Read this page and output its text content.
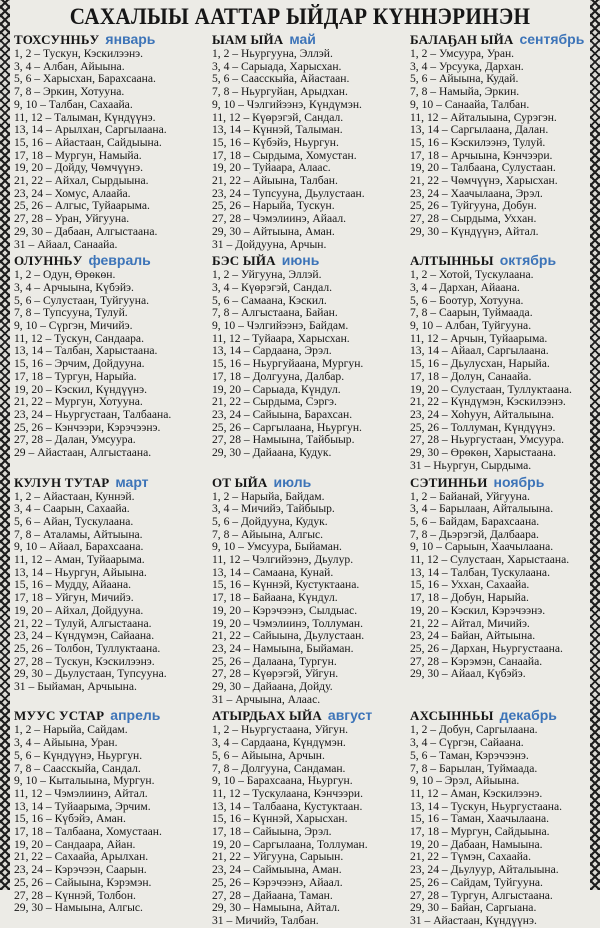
САХАЛЫЫ ААТТАР ЫЙДАР КҮННЭРИНЭН
ТОХСУННЬУ январь
1, 2 – Тускун, Кэскилээнэ.
3, 4 – Албан, Айыына.
5, 6 – Харысхан, Барахсаана.
7, 8 – Эркин, Хотууна.
9, 10 – Талбан, Сахаайа.
11, 12 – Талыман, Күндүүнэ.
13, 14 – Арылхан, Саргылаана.
15, 16 – Айастаан, Сайдыына.
17, 18 – Мургун, Намыйа.
19, 20 – Дойду, Чөмчүүнэ.
21, 22 – Айхал, Сырдыына.
23, 24 – Хомус, Алаайа.
25, 26 – Алгыс, Туйаарыма.
27, 28 – Уран, Уйгууна.
29, 30 – Дабаан, Алгыстаана.
31 – Айаал, Санаайа.
ЫАМ ЫЙА май
1, 2 – Ньургууна, Эллэй.
3, 4 – Сарыада, Харысхан.
5, 6 – Саасскыйа, Айастаан.
7, 8 – Ньургуйан, Арыдхан.
9, 10 – Чэлгийээнэ, Күндүмэн.
11, 12 – Күөрэгэй, Сандал.
13, 14 – Күннэй, Талыман.
15, 16 – Күбэйэ, Ньургун.
17, 18 – Сырдыма, Хомустан.
19, 20 – Туйаара, Алаас.
21, 22 – Айыына, Талбан.
23, 24 – Тупсууна, Дьулустаан.
25, 26 – Нарыйа, Тускун.
27, 28 – Чэмэлиинэ, Айаал.
29, 30 – Айтыына, Аман.
31 – Дойдууна, Арчын.
БАЛАҔАН ЫЙА сентябрь
1, 2 – Умсуура, Уран.
3, 4 – Урсуука, Дархан.
5, 6 – Айыына, Кудай.
7, 8 – Намыйа, Эркин.
9, 10 – Санаайа, Талбан.
11, 12 – Айталыына, Сурэгэн.
13, 14 – Саргылаана, Далан.
15, 16 – Кэскилээнэ, Тулуй.
17, 18 – Арчыына, Кэнчээри.
19, 20 – Талбаана, Сулустаан.
21, 22 – Чөмчүүнэ, Харысхан.
23, 24 – Хаачылаана, Эрэл.
25, 26 – Туйгууна, Добун.
27, 28 – Сырдыма, Уххан.
29, 30 – Күндүүнэ, Айтал.
ОЛУННЬУ февраль
1, 2 – Одун, Өрөкөн.
3, 4 – Арчыына, Күбэйэ.
5, 6 – Сулустаан, Туйгууна.
7, 8 – Тупсууна, Тулуй.
9, 10 – Сүргэн, Мичийэ.
11, 12 – Тускун, Сандаара.
13, 14 – Талбан, Харыстаана.
15, 16 – Эрчим, Дойдууна.
17, 18 – Тургун, Нарыйа.
19, 20 – Кэскил, Күндүүнэ.
21, 22 – Мургун, Хотууна.
23, 24 – Ньургустаан, Талбаана.
25, 26 – Кэнчээри, Кэрэчээнэ.
27, 28 – Далан, Умсуура.
29 – Айастаан, Алгыстаана.
БЭС ЫЙА июнь
1, 2 – Уйгууна, Эллэй.
3, 4 – Күөрэгэй, Сандал.
5, 6 – Самаана, Кэскил.
7, 8 – Алгыстаана, Байан.
9, 10 – Чэлгийээнэ, Байдам.
11, 12 – Туйаара, Харысхан.
13, 14 – Сардаана, Эрэл.
15, 16 – Ньургуйаана, Мургун.
17, 18 – Долгууна, Далбар.
19, 20 – Сарыада, Күндул.
21, 22 – Сырдыма, Сэргэ.
23, 24 – Сайыына, Барахсан.
25, 26 – Саргылаана, Ньургун.
27, 28 – Намыына, Тайбыыр.
29, 30 – Дайаана, Кудук.
АЛТЫННЬЫ октябрь
1, 2 – Хотой, Тускулаана.
3, 4 – Дархан, Айаана.
5, 6 – Боотур, Хотууна.
7, 8 – Саарын, Туймаада.
9, 10 – Албан, Туйгууна.
11, 12 – Арчын, Туйаарыма.
13, 14 – Айаал, Саргылаана.
15, 16 – Дьулусхан, Нарыйа.
17, 18 – Долун, Санаайа.
19, 20 – Сулустаан, Туллуктаана.
21, 22 – Күндүмэн, Кэскилээнэ.
23, 24 – Хоһуун, Айталыына.
25, 26 – Толлуман, Күндүүнэ.
27, 28 – Ньургустаан, Умсуура.
29, 30 – Өрөкөн, Харыстаана.
31 – Ньургун, Сырдыма.
КУЛУН ТУТАР март
1, 2 – Айастаан, Куннэй.
3, 4 – Саарын, Сахаайа.
5, 6 – Айан, Тускулаана.
7, 8 – Аталамы, Айтыына.
9, 10 – Айаал, Барахсаана.
11, 12 – Аман, Туйаарыма.
13, 14 – Ньургун, Айыына.
15, 16 – Мудду, Айаана.
17, 18 – Уйгун, Мичийэ.
19, 20 – Айхал, Дойдууна.
21, 22 – Тулуй, Алгыстаана.
23, 24 – Күндүмэн, Сайаана.
25, 26 – Толбон, Туллуктаана.
27, 28 – Тускун, Кэскилээнэ.
29, 30 – Дьулустаан, Тупсууна.
31 – Быйаман, Арчыына.
ОТ ЫЙА июль
1, 2 – Нарыйа, Байдам.
3, 4 – Мичийэ, Тайбыыр.
5, 6 – Дойдууна, Кудук.
7, 8 – Айыына, Алгыс.
9, 10 – Умсуура, Быйаман.
11, 12 – Чэлгийээнэ, Дьулур.
13, 14 – Самаана, Кунай.
15, 16 – Күннэй, Кустуктаана.
17, 18 – Байаана, Күндул.
19, 20 – Кэрэчээнэ, Сылдыас.
19, 20 – Чэмэлиинэ, Толлуман.
21, 22 – Сайыына, Дьулустаан.
23, 24 – Намыына, Быйаман.
25, 26 – Далаана, Тургун.
27, 28 – Күөрэгэй, Уйгун.
29, 30 – Дайаана, Дойду.
31 – Арчыына, Алаас.
СЭТИННЬИ ноябрь
1, 2 – Байанай, Уйгууна.
3, 4 – Барылаан, Айталыына.
5, 6 – Байдам, Барахсаана.
7, 8 – Дьэрэгэй, Далбаара.
9, 10 – Сарыын, Хаачылаана.
11, 12 – Сулустаан, Харыстаана.
13, 14 – Талбан, Тускулаана.
15, 16 – Уххан, Сахаайа.
17, 18 – Добун, Нарыйа.
19, 20 – Кэскил, Кэрэчээнэ.
21, 22 – Айтал, Мичийэ.
23, 24 – Байан, Айтыына.
25, 26 – Дархан, Ньургустаана.
27, 28 – Кэрэмэн, Санаайа.
29, 30 – Айаал, Күбэйэ.
МУУС УСТАР апрель
1, 2 – Нарыйа, Сайдам.
3, 4 – Айыына, Уран.
5, 6 – Күндүүнэ, Ньургун.
7, 8 – Саасскыйа, Сандал.
9, 10 – Кыталыына, Мургун.
11, 12 – Чэмэлиинэ, Айтал.
13, 14 – Туйаарыма, Эрчим.
15, 16 – Күбэйэ, Аман.
17, 18 – Талбаана, Хомустаан.
19, 20 – Сандаара, Айан.
21, 22 – Сахаайа, Арылхан.
23, 24 – Кэрэчээн, Саарын.
25, 26 – Сайыына, Кэрэмэн.
27, 28 – Күннэй, Толбон.
29, 30 – Намыына, Алгыс.
АТЫРДЬАХ ЫЙА август
1, 2 – Ньургустаана, Уйгун.
3, 4 – Сардаана, Күндүмэн.
5, 6 – Айыына, Арчын.
7, 8 – Долгууна, Сандаман.
9, 10 – Барахсаана, Ньургун.
11, 12 – Тускулаана, Кэнчээри.
13, 14 – Талбаана, Кустуктаан.
15, 16 – Күннэй, Харысхан.
17, 18 – Сайыына, Эрэл.
19, 20 – Саргылаана, Толлуман.
21, 22 – Уйгууна, Сарыын.
23, 24 – Саймыына, Аман.
25, 26 – Кэрэчээнэ, Айаал.
27, 28 – Дайаана, Таман.
29, 30 – Намыына, Айтал.
31 – Мичийэ, Талбан.
АХСЫННЬЫ декабрь
1, 2 – Добун, Саргылаана.
3, 4 – Сүргэн, Сайаана.
5, 6 – Таман, Кэрэчээнэ.
7, 8 – Барылан, Туймаада.
9, 10 – Эрэл, Айыына.
11, 12 – Аман, Кэскилээнэ.
13, 14 – Тускун, Ньургустаана.
15, 16 – Таман, Хаачылаана.
17, 18 – Мургун, Сайдыына.
19, 20 – Дабаан, Намыына.
21, 22 – Түмэн, Сахаайа.
23, 24 – Дьулуур, Айталыына.
25, 26 – Сайдам, Туйгууна.
27, 28 – Тургун, Алгыстаана.
29, 30 – Байан, Саргыана.
31 – Айастаан, Күндүүнэ.
